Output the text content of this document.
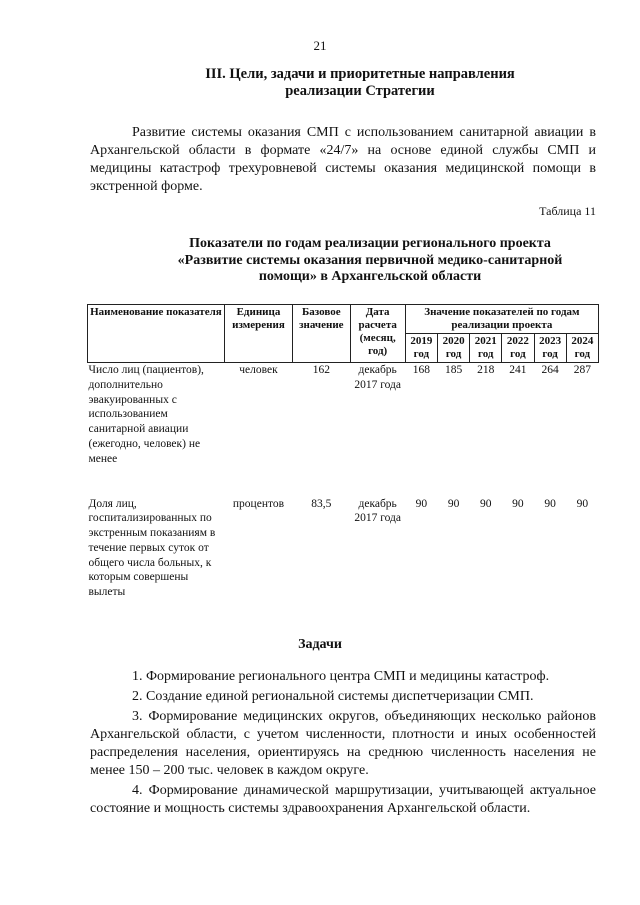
21
III. Цели, задачи и приоритетные направления
реализации Стратегии

Развитие системы оказания СМП с использованием санитарной авиации в Архангельской области в формате «24/7» на основе единой службы СМП и медицины катастроф трехуровневой системы оказания медицинской помощи в экстренной форме.

Таблица 11
Показатели по годам реализации регионального проекта
«Развитие системы оказания первичной медико-санитарной
помощи» в Архангельской области
Наименование показателя	Единица измерения	Базовое значение	Дата расчета (месяц, год)	Значение показателей по годам реализации проекта					
				2019 год	2020 год	2021 год	2022 год	2023 год	2024 год
Число лиц (пациентов), дополнительно эвакуированных с использованием санитарной авиации (ежегодно, человек) не менее	человек	162	декабрь 2017 года	168	185	218	241	264	287
Доля лиц, госпитализированных по экстренным показаниям в течение первых суток от общего числа больных, к которым совершены вылеты	процентов	83,5	декабрь 2017 года	90	90	90	90	90	90
Задачи

1. Формирование регионального центра СМП и медицины катастроф.

2. Создание единой региональной системы диспетчеризации СМП.

3. Формирование медицинских округов, объединяющих несколько районов Архангельской области, с учетом численности, плотности и иных особенностей распределения населения, ориентируясь на среднюю численность населения не менее 150 – 200 тыс. человек в каждом округе.

4. Формирование динамической маршрутизации, учитывающей актуальное состояние и мощность системы здравоохранения Архангельской области.
